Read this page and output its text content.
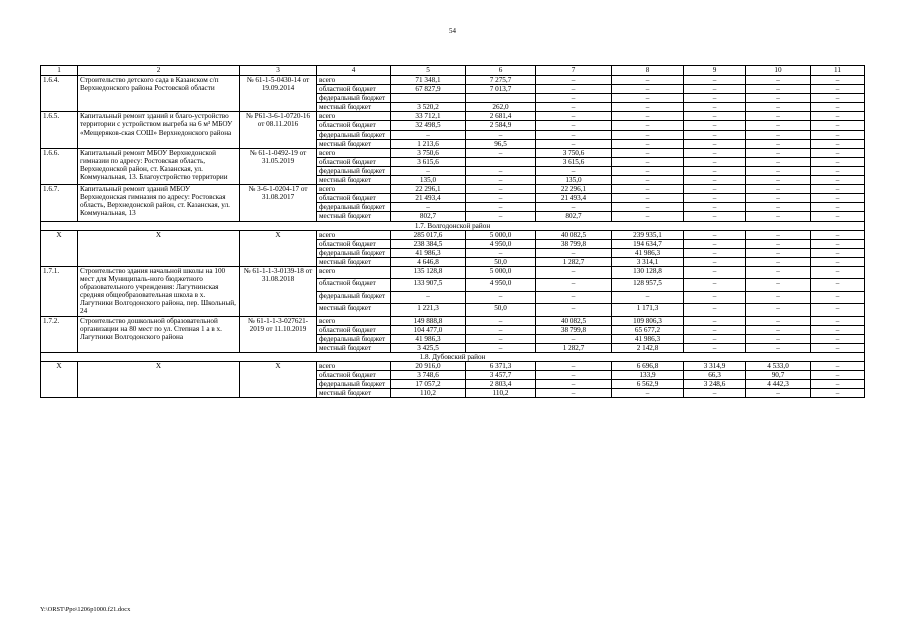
54
1	2	3	4	5	6	7	8	9	10	11
1.6.4.	Строительство детского сада в Казанском с/п Верхнедонского района Ростовской области	№ 61-1-5-0430-14 от 19.09.2014	всего	71 348,1	7 275,7	–	–	–	–	–
			областной бюджет	67 827,9	7 013,7	–	–	–	–	–
			федеральный бюджет			–	–	–	–	–
			местный бюджет	3 520,2	262,0	–	–	–	–	–
1.6.5.	Капитальный ремонт зданий и благо-устройство территории с устройством выгреба на 6 м³ МБОУ «Мещеряков-ская СОШ» Верхнедонского района	№ Р61-3-6-1-0720-16 от 08.11.2016	всего	33 712,1	2 681,4	–	–	–	–	–
			областной бюджет	32 498,5	2 584,9	–	–	–	–	–
			федеральный бюджет	–	–	–	–	–	–	–
			местный бюджет	1 213,6	96,5	–	–	–	–	–
1.6.6.	Капитальный ремонт МБОУ Верхнедонской гимназии по адресу: Ростовская область, Верхнедонской район, ст. Казанская, ул. Коммунальная, 13. Благоустройство территории	№ 61-1-0492-19 от 31.05.2019	всего	3 750,6	–	3 750,6	–	–	–	–
			областной бюджет	3 615,6		3 615,6	–	–	–	–
			федеральный бюджет	–	–	–	–	–	–	–
			местный бюджет	135,0	–	135,0	–	–	–	–
1.6.7.	Капитальный ремонт зданий МБОУ Верхнедонская гимназия по адресу: Ростовская область, Верхнедонской район, ст. Казанская, ул. Коммунальная, 13	№ 3-6-1-0204-17 от 31.08.2017	всего	22 296,1	–	22 296,1	–	–	–	–
			областной бюджет	21 493,4	–	21 493,4	–	–	–	–
			федеральный бюджет	–	–	–	–	–	–	–
			местный бюджет	802,7	–	802,7	–	–	–	–
1.7. Волгодонской район										
Х	Х	Х	всего	285 017,6	5 000,0	40 082,5	239 935,1	–	–	–
			областной бюджет	238 384,5	4 950,0	38 799,8	194 634,7	–	–	–
			федеральный бюджет	41 986,3	–	–	41 986,3	–	–	–
			местный бюджет	4 646,8	50,0	1 282,7	3 314,1	–	–	–
1.7.1.	Строительство здания начальной школы на 100 мест для Муниципаль-ного бюджетного образовательного учреждения: Лагутнинская средняя общеобразовательная школа в х. Лагутники Волгодонского района, пер. Школьный, 24	№ 61-1-1-3-0139-18 от 31.08.2018	всего	135 128,8	5 000,0	–	130 128,8	–	–	–
			областной бюджет	133 907,5	4 950,0	–	128 957,5	–	–	–
			федеральный бюджет	–	–	–	–	–	–	–
			местный бюджет	1 221,3	50,0	–	1 171,3	–	–	–
1.7.2.	Строительство дошкольной образовательной организации на 80 мест по ул. Степная 1 а в х. Лагутники Волгодонского района	№ 61-1-1-3-027621-2019 от 11.10.2019	всего	149 888,8	–	40 082,5	109 806,3	–	–	–
			областной бюджет	104 477,0	–	38 799,8	65 677,2	–	–	–
			федеральный бюджет	41 986,3	–	–	41 986,3	–	–	–
			местный бюджет	3 425,5	–	1 282,7	2 142,8	–	–	–
1.8. Дубовский район										
Х	Х	Х	всего	20 916,0	6 371,3	–	6 696,8	3 314,9	4 533,0	–
			областной бюджет	3 748,6	3 457,7	–	133,9	66,3	90,7	–
			федеральный бюджет	17 057,2	2 803,4	–	6 562,9	3 248,6	4 442,3	–
			местный бюджет	110,2	110,2	–	–	–	–	–
Y:\ORST\Ppo\1206p1000.f21.docx
